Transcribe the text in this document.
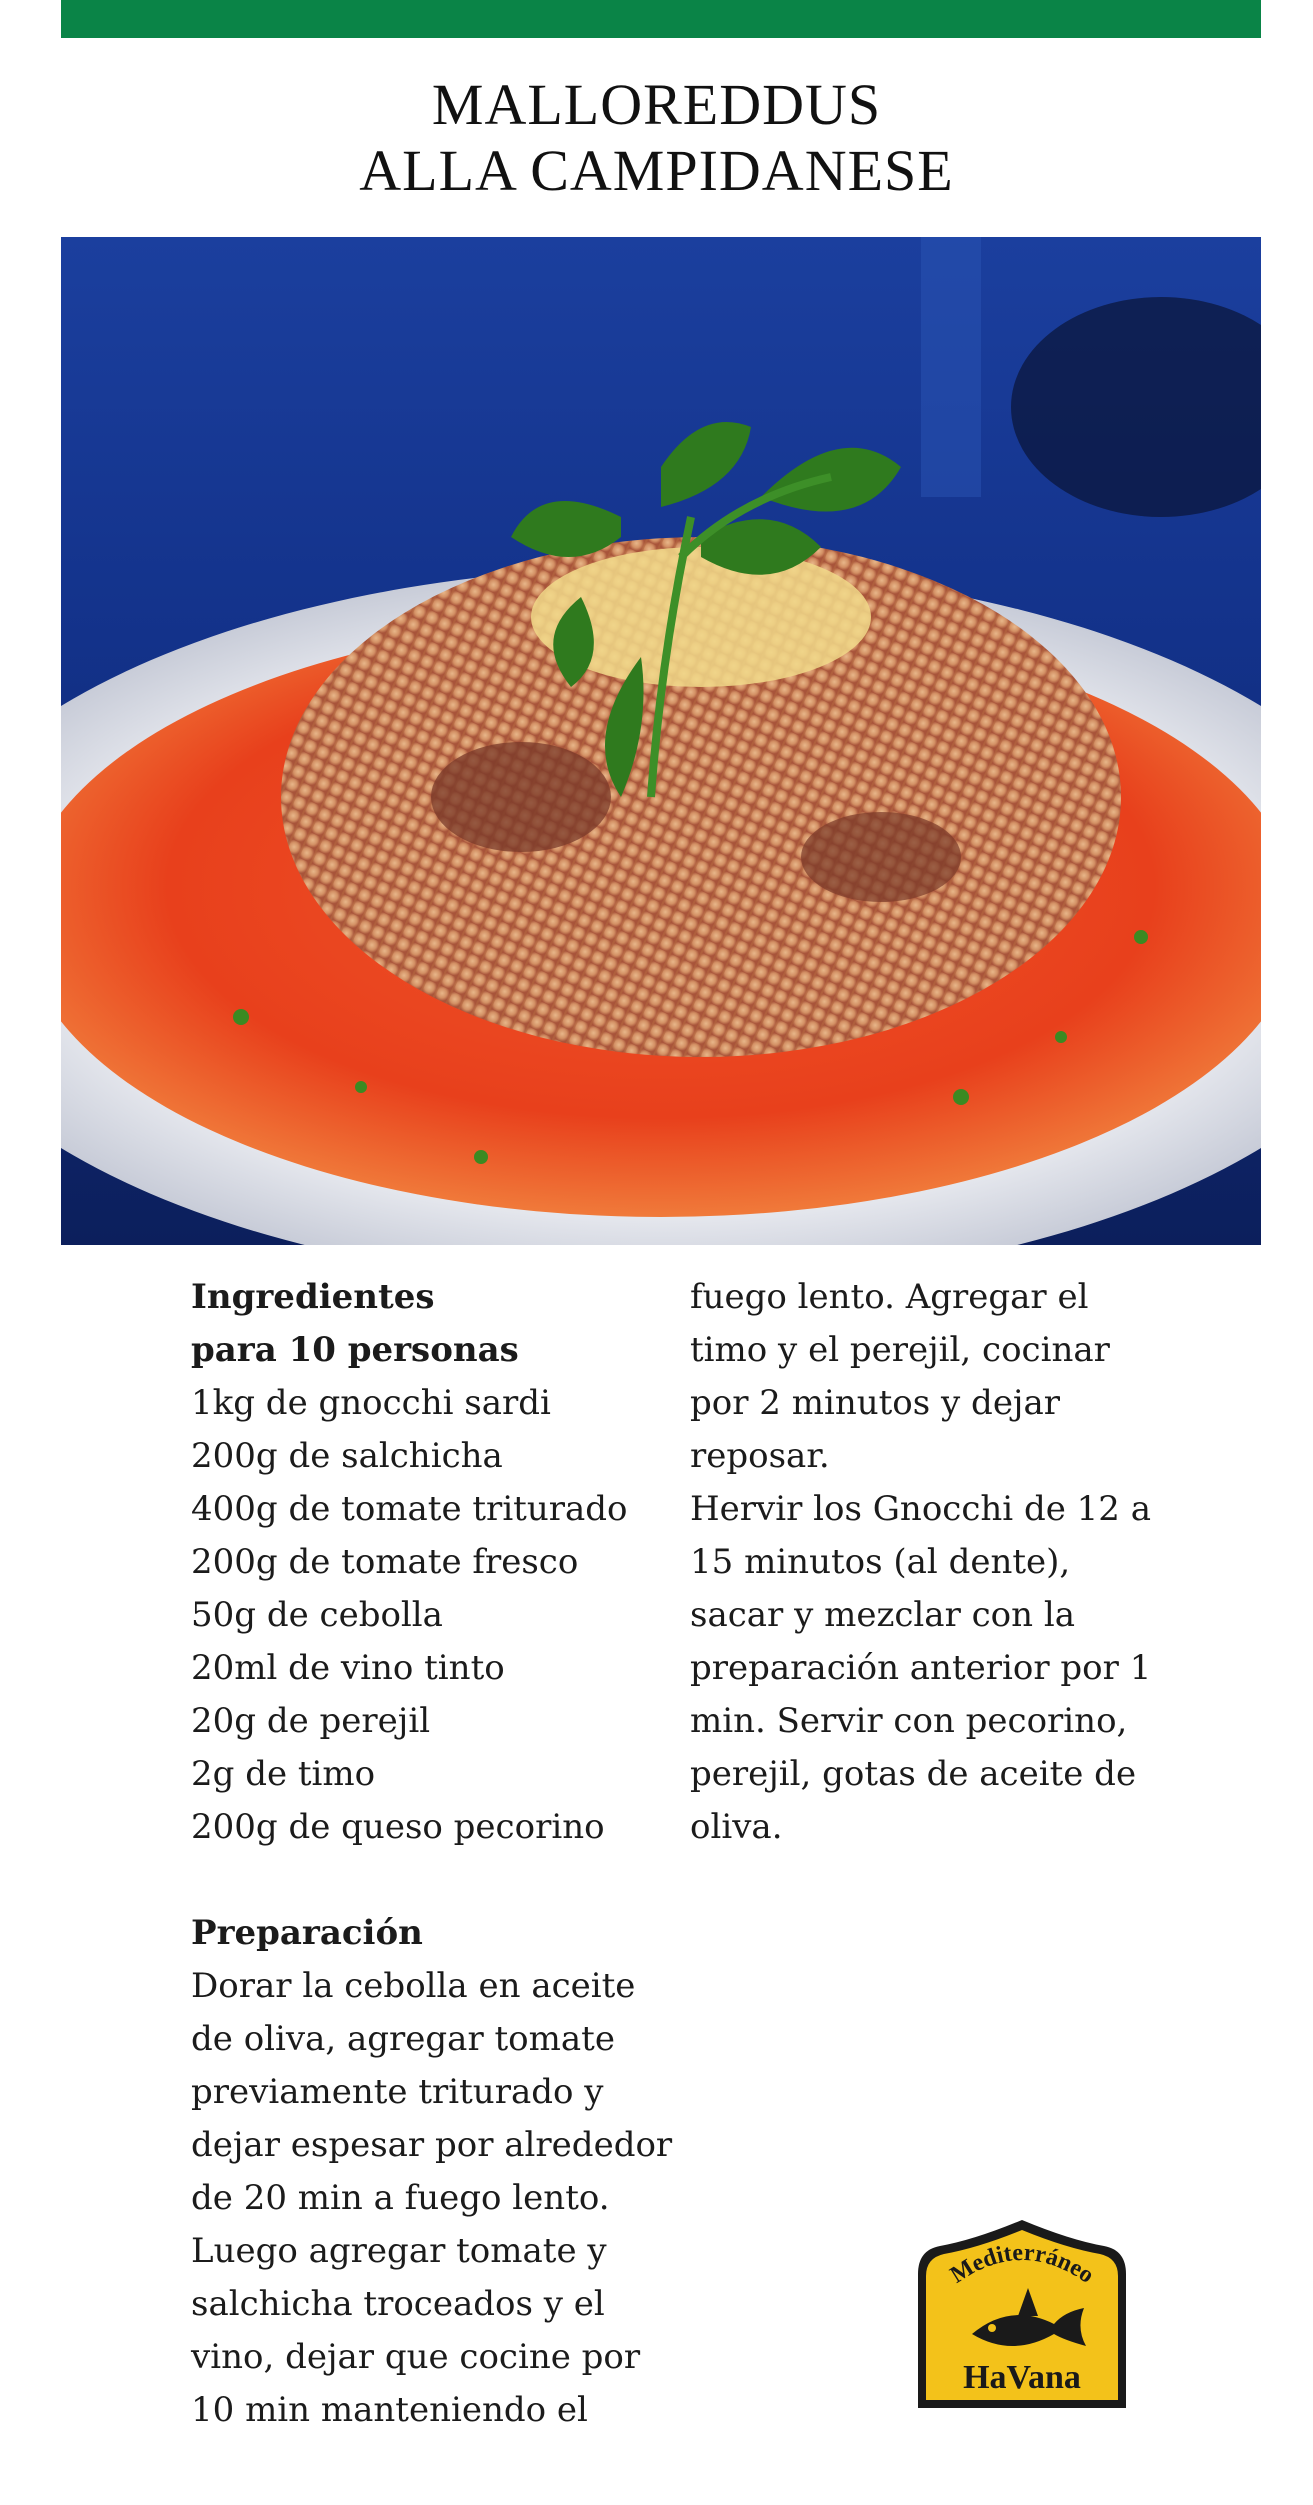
MALLOREDDUS
ALLA CAMPIDANESE
Ingredientes
para 10 personas
1kg de gnocchi sardi
200g de salchicha
400g de tomate triturado
200g de tomate fresco
50g de cebolla
20ml de vino tinto
20g de perejil
2g de timo
200g de queso pecorino
Preparación
Dorar la cebolla en aceite
de oliva, agregar tomate
previamente triturado y
dejar espesar por alrededor
de 20 min a fuego lento.
Luego agregar tomate y
salchicha troceados y el
vino, dejar que cocine por
10 min manteniendo el
fuego lento. Agregar el
timo y el perejil, cocinar
por 2 minutos y dejar
reposar.
Hervir los Gnocchi de 12 a
15 minutos (al dente),
sacar y mezclar con la
preparación anterior por 1
min. Servir con pecorino,
perejil, gotas de aceite de
oliva.
Mediterráneo
HaVana
